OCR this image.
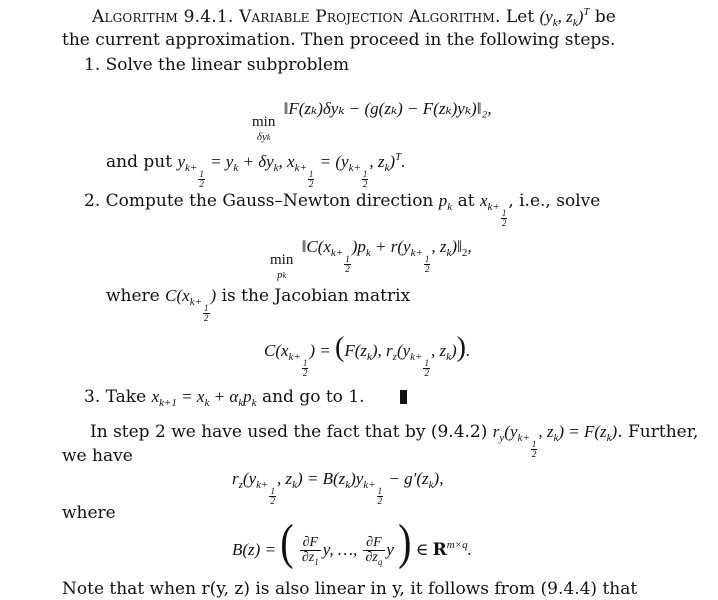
Algorithm 9.4.1. Variable Projection Algorithm. Let ($y_k$, $z_k)^T$ be
the current approximation. Then proceed in the following steps.
1. Solve the linear subproblem
min
δyk
‖F(zₖ)δyₖ − (g(zₖ) − F(zₖ)yₖ)‖₂,
and put $y_{k+ \frac{1}{2}}$
= $y_k + \delta y_k$, $x_{k+ \frac{1}{2}}$
= ($y_{k+ \frac{1}{2}}$
, $z_k)^T$.
2. Compute the Gauss–Newton direction $p_k$ at $x_{k+ \frac{1}{2}}$
, i.e., solve
min
pk
$‖C(x_{k+ \frac{1}{2}}$
)$p_k + r(y_{k+ \frac{1}{2}}$
, $z_k)‖_2$,
where $C(x_{k+ \frac{1}{2}}$
) is the Jacobian matrix
$C(x_{k+ \frac{1}{2}}$
) = ($F(z_k)$, $r_z(y_{k+ \frac{1}{2}}$
, $z_k$)).
3. Take $x_{k+1} = x_k + \alpha_kp_k$ and go to 1.
In step 2 we have used the fact that by (9.4.2) $r_y(y_{k+ \frac{1}{2}}$
, $z_k) = F(z_k)$. Further,
we have
$r_z(y_{k+ \frac{1}{2}}$
, $z_k) = B(z_k)y_{k+ \frac{1}{2}}$
− $g'(z_k)$,
where
B(z) = ( $\frac{\partial F}{\partial z_1} y$, …, $\frac{\partial F}{\partial z_q}$ y ) ∈ $R^{m\times q}$.
Note that when r(y, z) is also linear in y, it follows from (9.4.4) that
